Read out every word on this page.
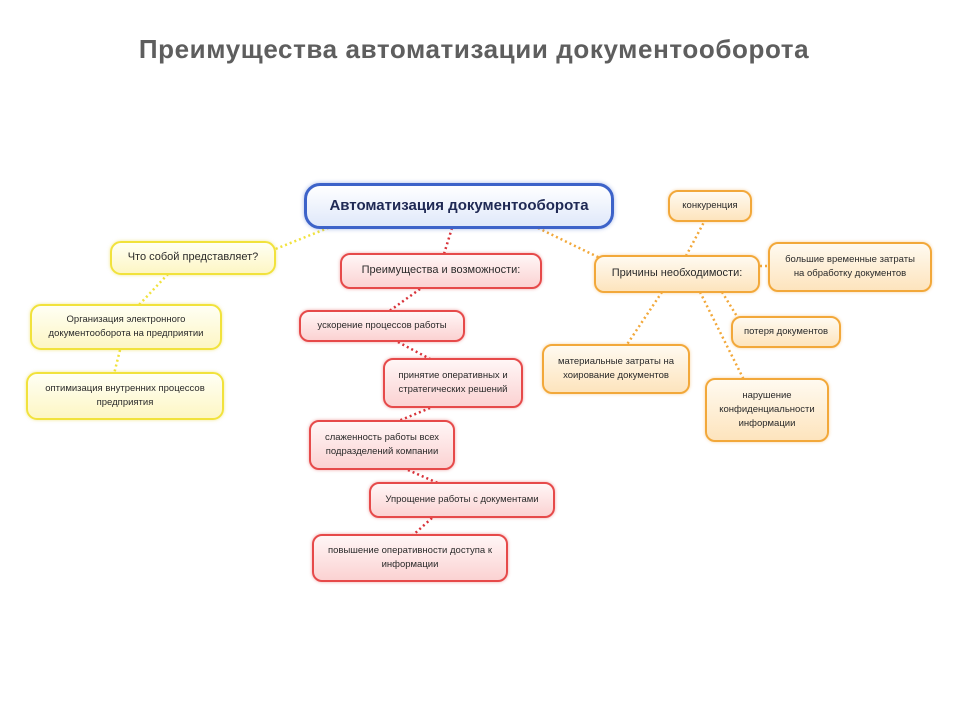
Преимущества автоматизации документооборота
Автоматизация документооборота
Что собой представляет?
Организация электронного
документооборота на предприятии
оптимизация внутренних процессов
предприятия
Преимущества и возможности:
ускорение процессов работы
принятие оперативных и
стратегических решений
слаженность работы всех
подразделений компании
Упрощение работы с документами
повышение оперативности доступа к
информации
Причины необходимости:
конкуренция
большие временные затраты
на обработку документов
потеря документов
материальные затраты на
хоирование документов
нарушение
конфиденциальности
информации
